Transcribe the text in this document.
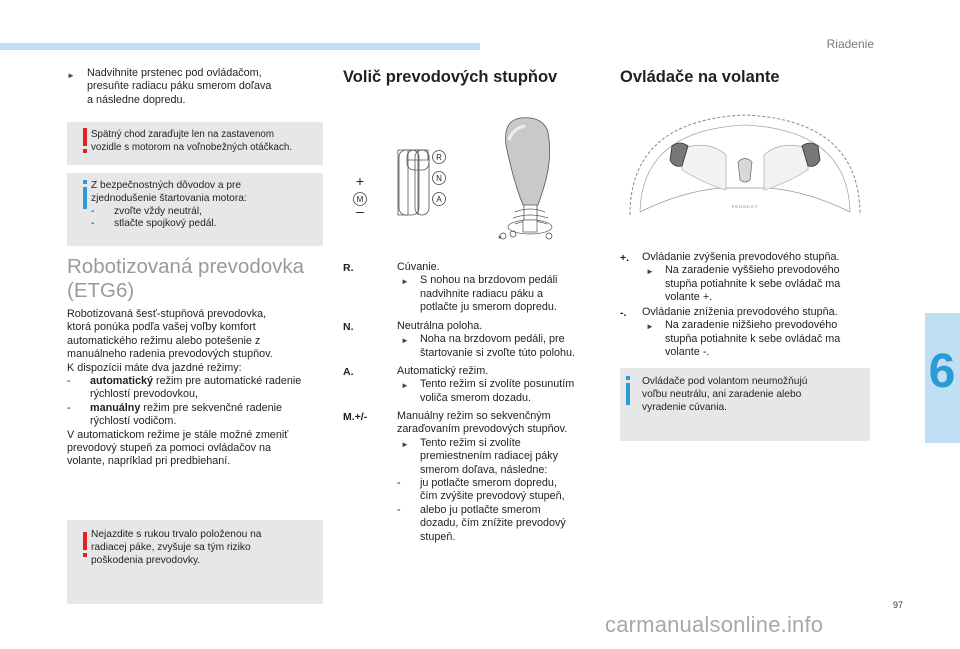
Riadenie
6
► Nadvihnite prstenec pod ovládačom,
presuňte radiacu páku smerom doľava
a následne dopredu.
Spätný chod zaraďujte len na zastavenom
vozidle s motorom na voľnobežných otáčkach.
Z bezpečnostných dôvodov a pre
zjednodušenie štartovania motora:
- zvoľte vždy neutrál,
- stlačte spojkový pedál.
Robotizovaná prevodovka
(ETG6)
Robotizovaná šesť-stupňová prevodovka,
ktorá ponúka podľa vašej voľby komfort
automatického režimu alebo potešenie z
manuálneho radenia prevodových stupňov.
K dispozícii máte dva jazdné režimy:
- automatický režim pre automatické radenie
rýchlostí prevodovkou,
- manuálny režim pre sekvenčné radenie
rýchlostí vodičom.
V automatickom režime je stále možné zmeniť
prevodový stupeň za pomoci ovládačov na
volante, napríklad pri predbiehaní.
Nejazdite s rukou trvalo položenou na
radiacej páke, zvyšuje sa tým riziko
poškodenia prevodovky.
Volič prevodových stupňov
R
N
A
M
+
–
*
R.	Cúvanie.
► S nohou na brzdovom pedáli
nadvihnite radiacu páku a
potlačte ju smerom dopredu.
N.	Neutrálna poloha.
► Noha na brzdovom pedáli, pre
štartovanie si zvoľte túto polohu.
A.	Automatický režim.
► Tento režim si zvolíte posunutím
voliča smerom dozadu.
M.+/-	Manuálny režim so sekvenčným
zaraďovaním prevodových stupňov.
► Tento režim si zvolíte
premiestnením radiacej páky
smerom doľava, následne:
- ju potlačte smerom dopredu,
čím zvýšite prevodový stupeň,
- alebo ju potlačte smerom
dozadu, čím znížite prevodový
stupeň.
Ovládače na volante
PEUGEOT
+. Ovládanie zvýšenia prevodového stupňa.
► Na zaradenie vyššieho prevodového
stupňa potiahnite k sebe ovládač ma
volante +.
-. Ovládanie zníženia prevodového stupňa.
► Na zaradenie nižšieho prevodového
stupňa potiahnite k sebe ovládač ma
volante -.
Ovládače pod volantom neumožňujú
voľbu neutrálu, ani zaradenie alebo
vyradenie cúvania.
97
carmanualsonline.info
